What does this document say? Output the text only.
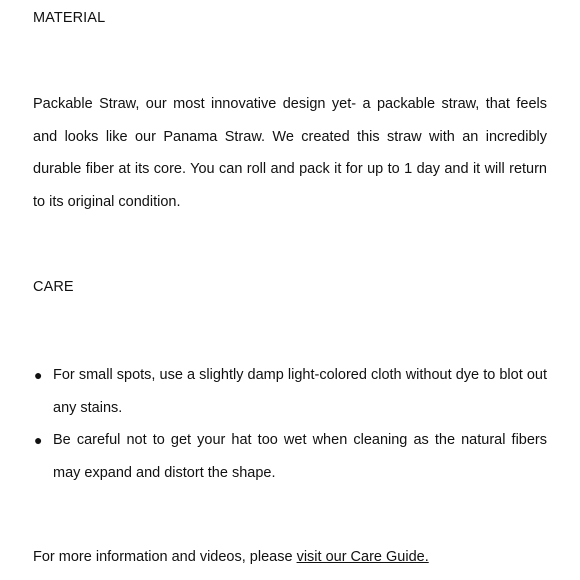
MATERIAL

Packable Straw, our most innovative design yet- a packable straw, that feels and looks like our Panama Straw. We created this straw with an incredibly durable fiber at its core. You can roll and pack it for up to 1 day and it will return to its original condition.

CARE
● For small spots, use a slightly damp light-colored cloth without dye to blot out any stains.
● Be careful not to get your hat too wet when cleaning as the natural fibers may expand and distort the shape.

For more information and videos, please visit our Care Guide.
